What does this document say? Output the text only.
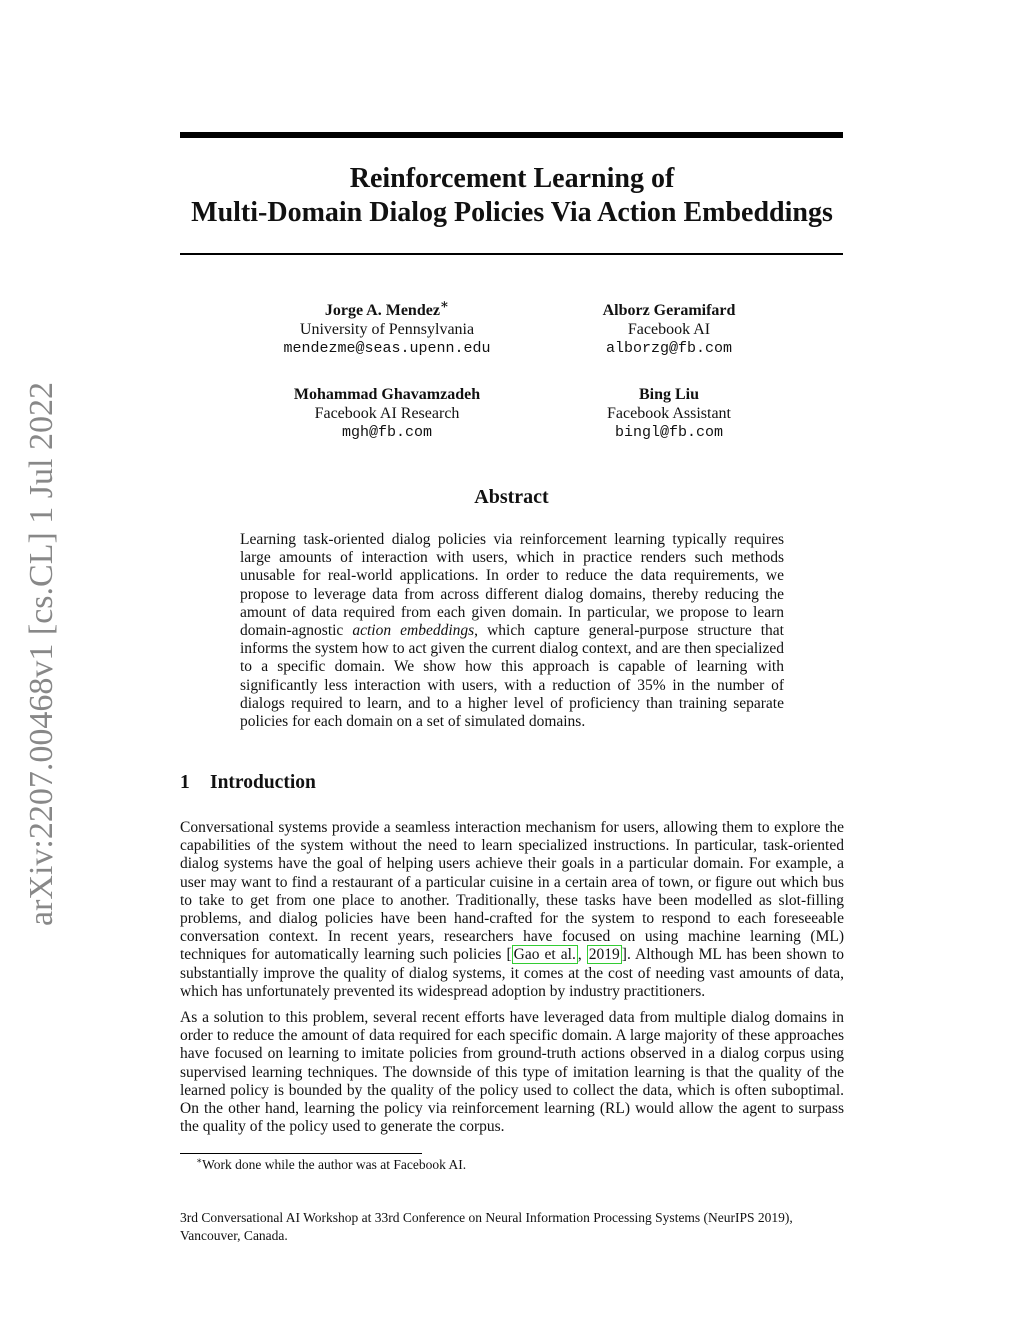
arXiv:2207.00468v1 [cs.CL] 1 Jul 2022
Reinforcement Learning of
Multi-Domain Dialog Policies Via Action Embeddings
Jorge A. Mendez∗
University of Pennsylvania
mendezme@seas.upenn.edu
Alborz Geramifard
Facebook AI
alborzg@fb.com
Mohammad Ghavamzadeh
Facebook AI Research
mgh@fb.com
Bing Liu
Facebook Assistant
bingl@fb.com
Abstract

Learning task-oriented dialog policies via reinforcement learning typically requires large amounts of interaction with users, which in practice renders such methods unusable for real-world applications. In order to reduce the data requirements, we propose to leverage data from across different dialog domains, thereby reducing the amount of data required from each given domain. In particular, we propose to learn domain-agnostic action embeddings, which capture general-purpose structure that informs the system how to act given the current dialog context, and are then specialized to a specific domain. We show how this approach is capable of learning with significantly less interaction with users, with a reduction of 35% in the number of dialogs required to learn, and to a higher level of proficiency than training separate policies for each domain on a set of simulated domains.

1 Introduction

Conversational systems provide a seamless interaction mechanism for users, allowing them to explore the capabilities of the system without the need to learn specialized instructions. In particular, task-oriented dialog systems have the goal of helping users achieve their goals in a particular domain. For example, a user may want to find a restaurant of a particular cuisine in a certain area of town, or figure out which bus to take to get from one place to another. Traditionally, these tasks have been modelled as slot-filling problems, and dialog policies have been hand-crafted for the system to respond to each foreseeable conversation context. In recent years, researchers have focused on using machine learning (ML) techniques for automatically learning such policies [ Gao et al. , 2019 ]. Although ML has been shown to substantially improve the quality of dialog systems, it comes at the cost of needing vast amounts of data, which has unfortunately prevented its widespread adoption by industry practitioners.

As a solution to this problem, several recent efforts have leveraged data from multiple dialog domains in order to reduce the amount of data required for each specific domain. A large majority of these approaches have focused on learning to imitate policies from ground-truth actions observed in a dialog corpus using supervised learning techniques. The downside of this type of imitation learning is that the quality of the learned policy is bounded by the quality of the policy used to collect the data, which is often suboptimal. On the other hand, learning the policy via reinforcement learning (RL) would allow the agent to surpass the quality of the policy used to generate the corpus.

∗Work done while the author was at Facebook AI.

3rd Conversational AI Workshop at 33rd Conference on Neural Information Processing Systems (NeurIPS 2019),
Vancouver, Canada.
